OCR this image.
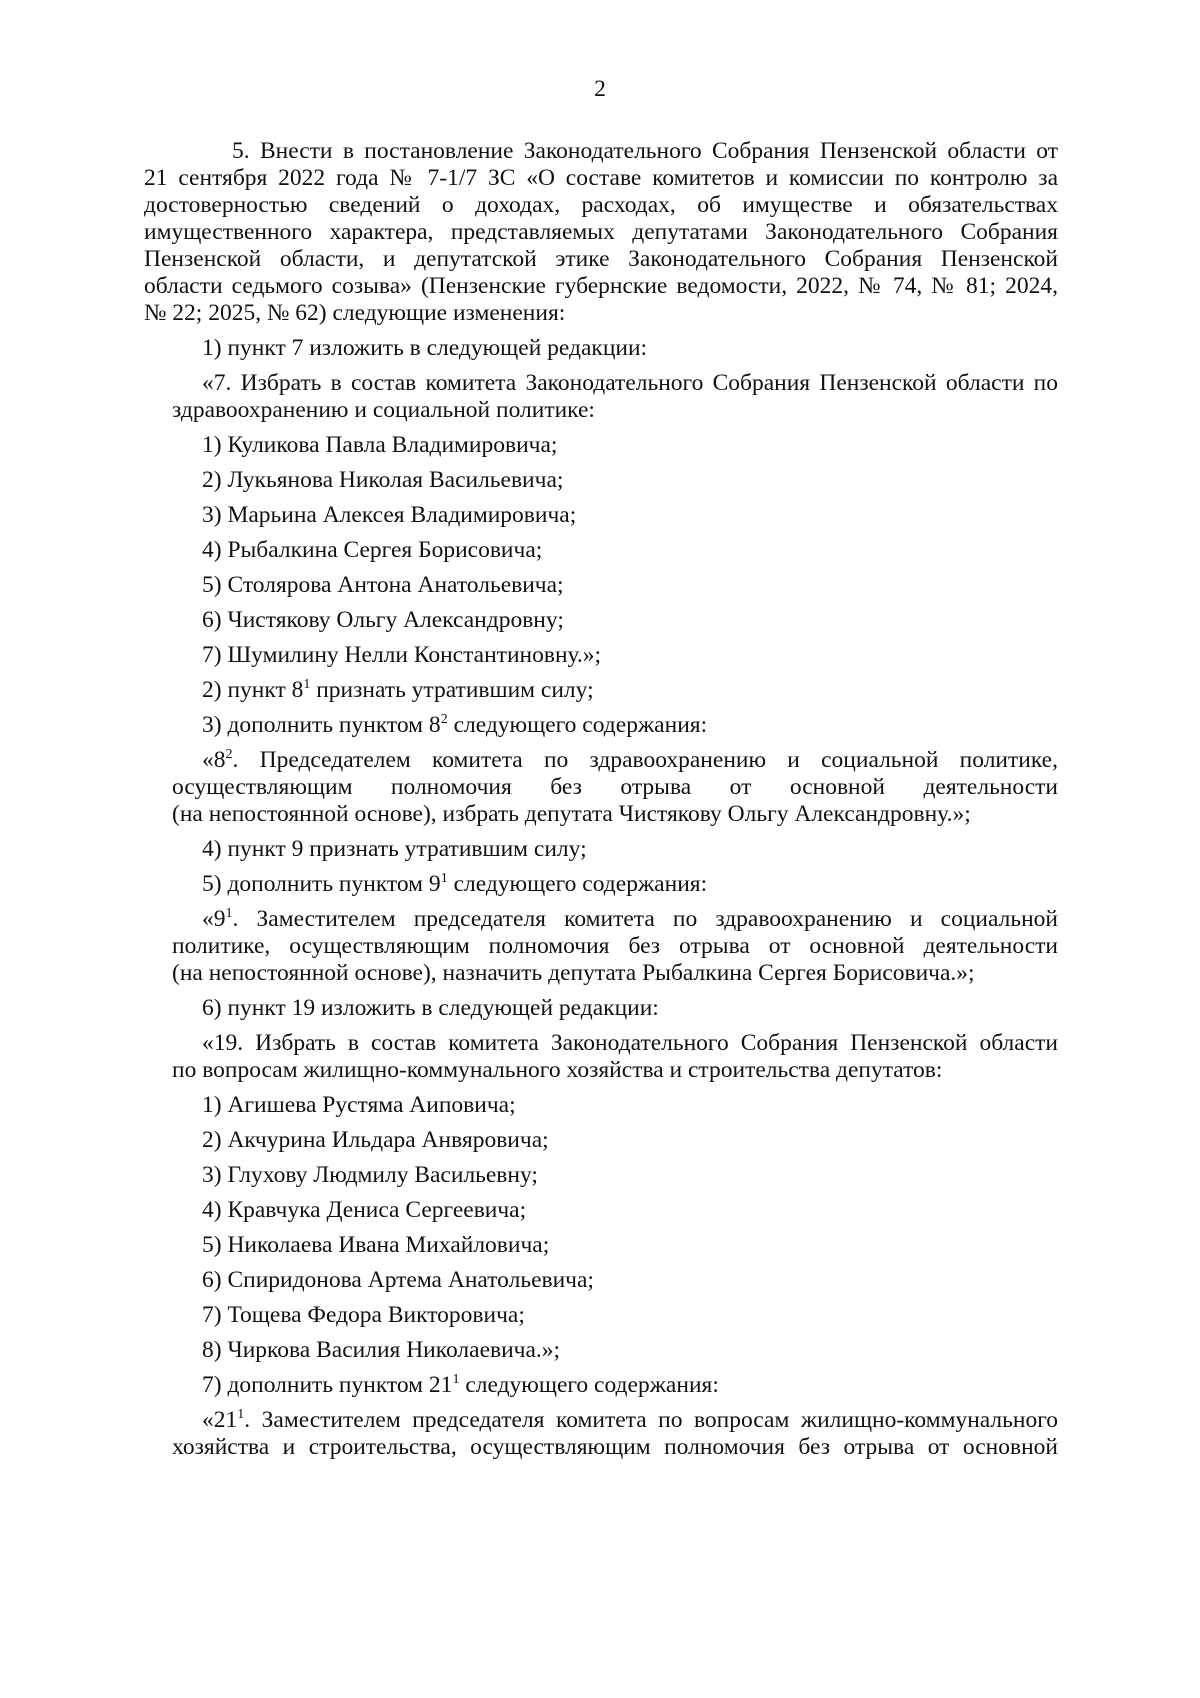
2
5. Внести в постановление Законодательного Собрания Пензенской области от
21 сентября 2022 года № 7-1/7 ЗС «О составе комитетов и комиссии по контролю за
достоверностью сведений о доходах, расходах, об имуществе и обязательствах
имущественного характера, представляемых депутатами Законодательного Собрания
Пензенской области, и депутатской этике Законодательного Собрания Пензенской
области седьмого созыва» (Пензенские губернские ведомости, 2022, № 74, № 81; 2024,
№ 22; 2025, № 62) следующие изменения:
1) пункт 7 изложить в следующей редакции:
«7. Избрать в состав комитета Законодательного Собрания Пензенской области по
здравоохранению и социальной политике:
1) Куликова Павла Владимировича;
2) Лукьянова Николая Васильевича;
3) Марьина Алексея Владимировича;
4) Рыбалкина Сергея Борисовича;
5) Столярова Антона Анатольевича;
6) Чистякову Ольгу Александровну;
7) Шумилину Нелли Константиновну.»;
2) пункт $8^1$ признать утратившим силу;
3) дополнить пунктом $8^2$ следующего содержания:
«$8^2$. Председателем комитета по здравоохранению и социальной политике,
осуществляющим полномочия без отрыва от основной деятельности
(на непостоянной основе), избрать депутата Чистякову Ольгу Александровну.»;
4) пункт 9 признать утратившим силу;
5) дополнить пунктом $9^1$ следующего содержания:
«$9^1$. Заместителем председателя комитета по здравоохранению и социальной
политике, осуществляющим полномочия без отрыва от основной деятельности
(на непостоянной основе), назначить депутата Рыбалкина Сергея Борисовича.»;
6) пункт 19 изложить в следующей редакции:
«19. Избрать в состав комитета Законодательного Собрания Пензенской области
по вопросам жилищно-коммунального хозяйства и строительства депутатов:
1) Агишева Рустяма Аиповича;
2) Акчурина Ильдара Анвяровича;
3) Глухову Людмилу Васильевну;
4) Кравчука Дениса Сергеевича;
5) Николаева Ивана Михайловича;
6) Спиридонова Артема Анатольевича;
7) Тощева Федора Викторовича;
8) Чиркова Василия Николаевича.»;
7) дополнить пунктом $21^1$ следующего содержания:
«$21^1$. Заместителем председателя комитета по вопросам жилищно-коммунального
хозяйства и строительства, осуществляющим полномочия без отрыва от основной
